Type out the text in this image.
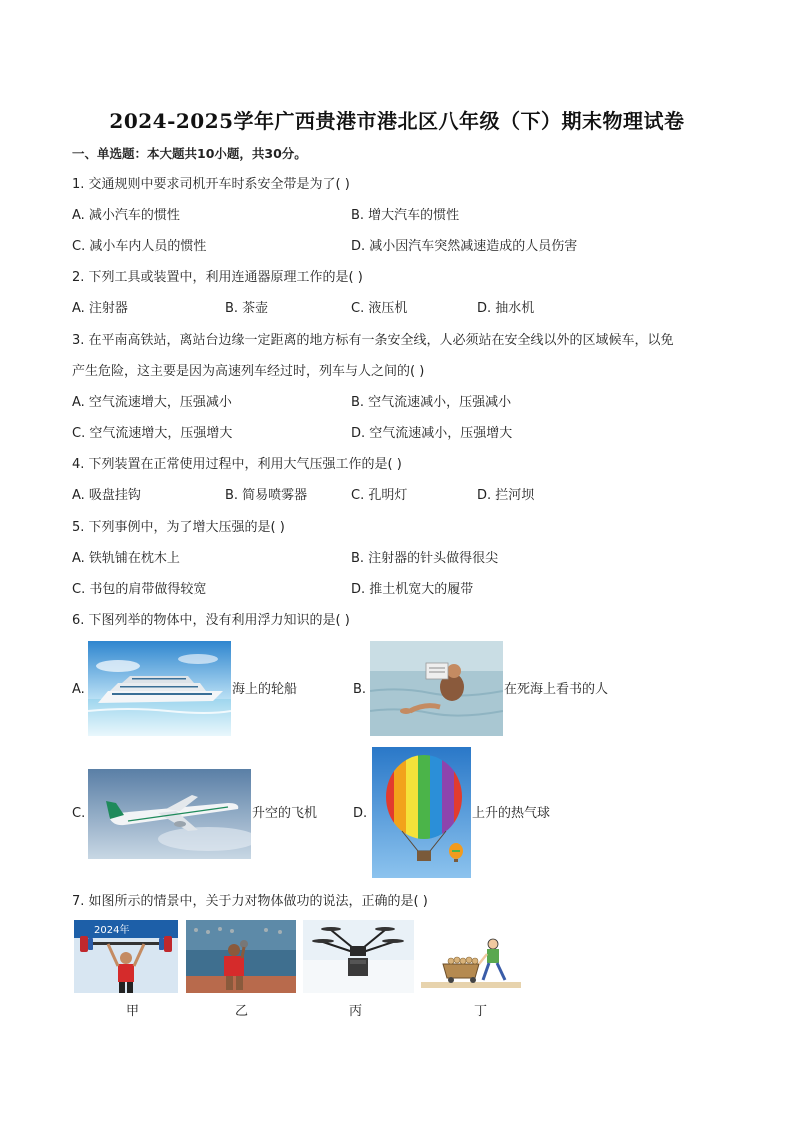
2024-2025学年广西贵港市港北区八年级（下）期末物理试卷
一、单选题：本大题共10小题，共30分。
1. 交通规则中要求司机开车时系安全带是为了( )
A. 减小汽车的惯性	B. 增大汽车的惯性
C. 减小车内人员的惯性	D. 减小因汽车突然减速造成的人员伤害
2. 下列工具或装置中，利用连通器原理工作的是( )
A. 注射器	B. 茶壶	C. 液压机	D. 抽水机
3. 在平南高铁站，离站台边缘一定距离的地方标有一条安全线，人必须站在安全线以外的区域候车，以免
产生危险，这主要是因为高速列车经过时，列车与人之间的( )
A. 空气流速增大，压强减小	B. 空气流速减小，压强减小
C. 空气流速增大，压强增大	D. 空气流速减小，压强增大
4. 下列装置在正常使用过程中，利用大气压强工作的是( )
A. 吸盘挂钩	B. 简易喷雾器	C. 孔明灯	D. 拦河坝
5. 下列事例中，为了增大压强的是( )
A. 铁轨铺在枕木上	B. 注射器的针头做得很尖
C. 书包的肩带做得较宽	D. 推土机宽大的履带
6. 下图列举的物体中，没有利用浮力知识的是( )
A.	海上的轮船	B.	在死海上看书的人
C.	升空的飞机	D.	上升的热气球
7. 如图所示的情景中，关于力对物体做功的说法，正确的是( )
2024年
甲	乙	丙	丁
